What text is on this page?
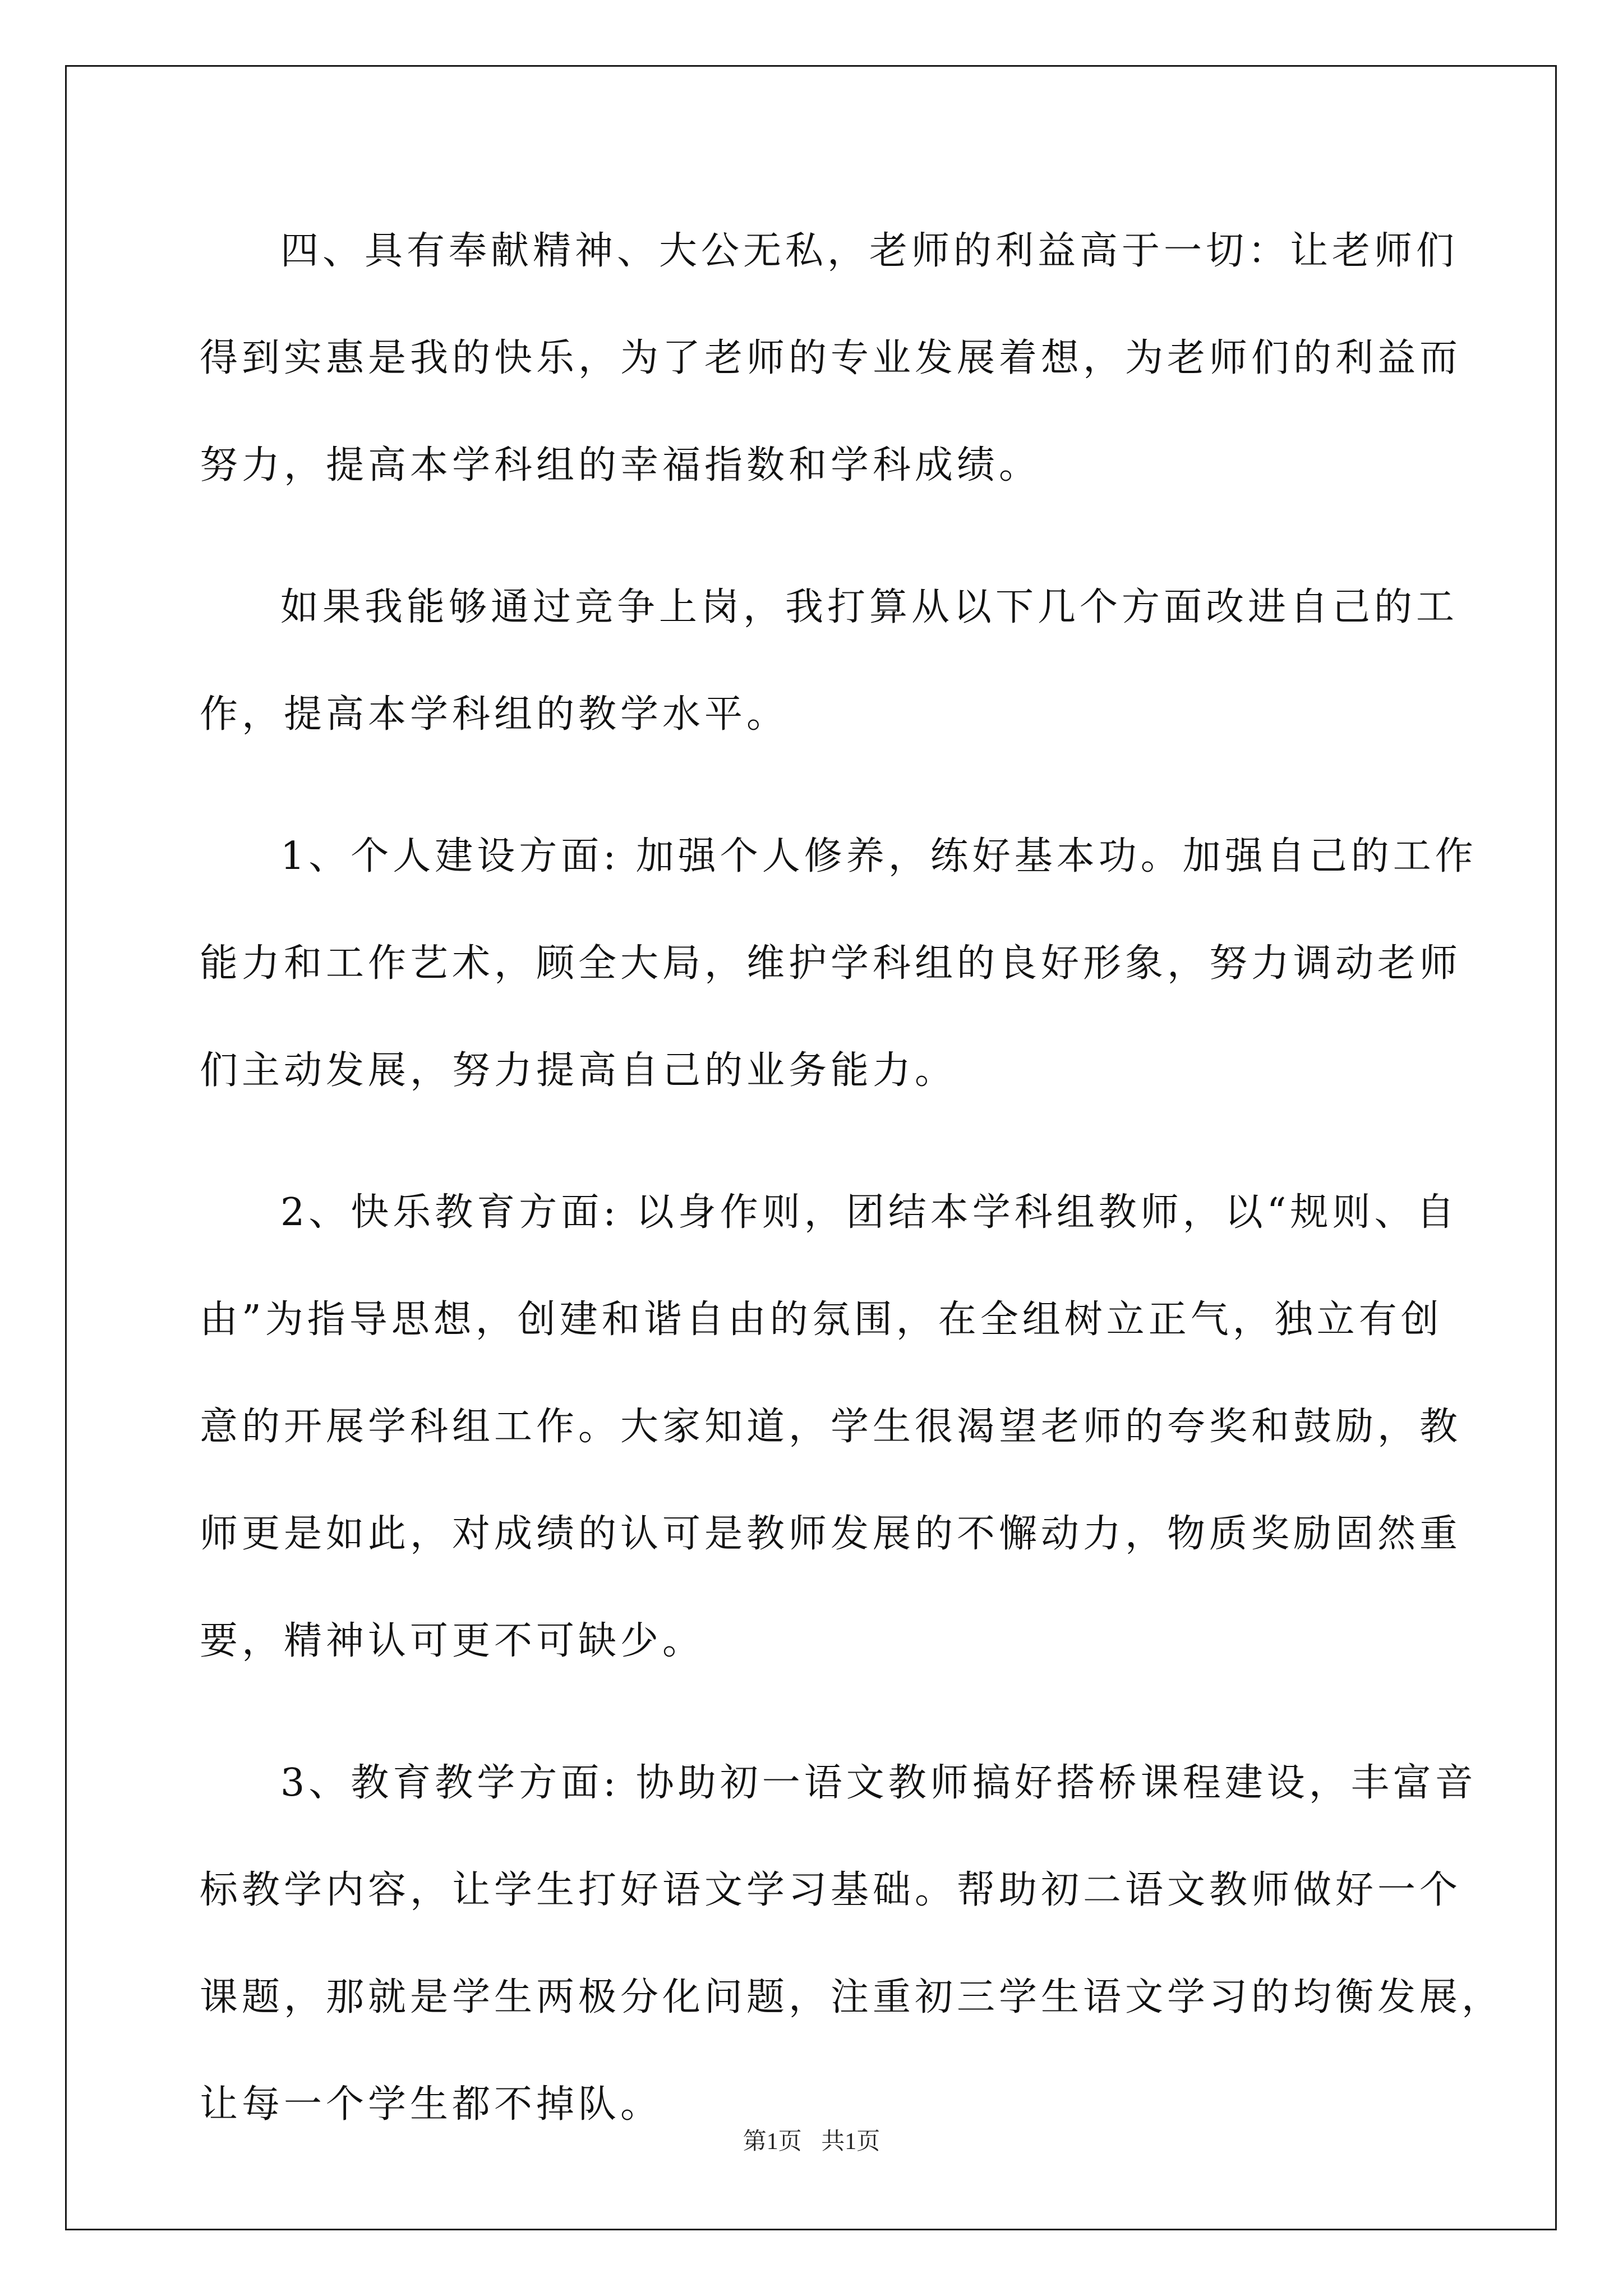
四、具有奉献精神、大公无私，老师的利益高于一切：让老师们
得到实惠是我的快乐，为了老师的专业发展着想，为老师们的利益而
努力，提高本学科组的幸福指数和学科成绩。

如果我能够通过竞争上岗，我打算从以下几个方面改进自己的工
作，提高本学科组的教学水平。

1、个人建设方面: 加强个人修养，练好基本功。加强自己的工作
能力和工作艺术，顾全大局，维护学科组的良好形象，努力调动老师
们主动发展，努力提高自己的业务能力。

2、快乐教育方面: 以身作则，团结本学科组教师，以“规则、自
由”为指导思想，创建和谐自由的氛围，在全组树立正气，独立有创
意的开展学科组工作。大家知道，学生很渴望老师的夸奖和鼓励，教
师更是如此，对成绩的认可是教师发展的不懈动力，物质奖励固然重
要，精神认可更不可缺少。

3、教育教学方面: 协助初一语文教师搞好搭桥课程建设，丰富音
标教学内容，让学生打好语文学习基础。帮助初二语文教师做好一个
课题，那就是学生两极分化问题，注重初三学生语文学习的均衡发展，
让每一个学生都不掉队。

第1页 共1页
